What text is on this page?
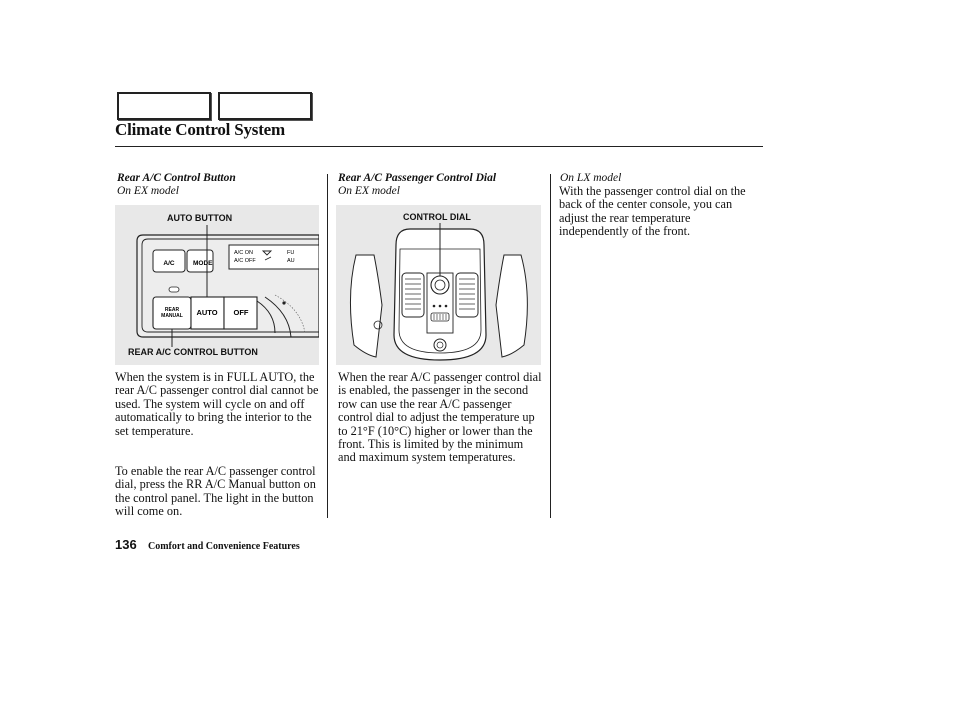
Climate Control System
Rear A/C Control Button
On EX model
A/C	MODE
A/C ON
A/C OFF
FU
AU
REAR
MANUAL AUTO OFF
AUTO BUTTON
REAR A/C CONTROL BUTTON

When the system is in FULL AUTO, the rear A/C passenger control dial cannot be used. The system will cycle on and off automatically to bring the interior to the set temperature.

To enable the rear A/C passenger control dial, press the RR A/C Manual button on the control panel. The light in the button will come on.

Rear A/C Passenger Control Dial
On EX model
CONTROL DIAL

When the rear A/C passenger control dial is enabled, the passenger in the second row can use the rear A/C passenger control dial to adjust the temperature up to 21°F (10°C) higher or lower than the front. This is limited by the minimum and maximum system temperatures.

On LX model

With the passenger control dial on the back of the center console, you can adjust the rear temperature independently of the front.

136 Comfort and Convenience Features
